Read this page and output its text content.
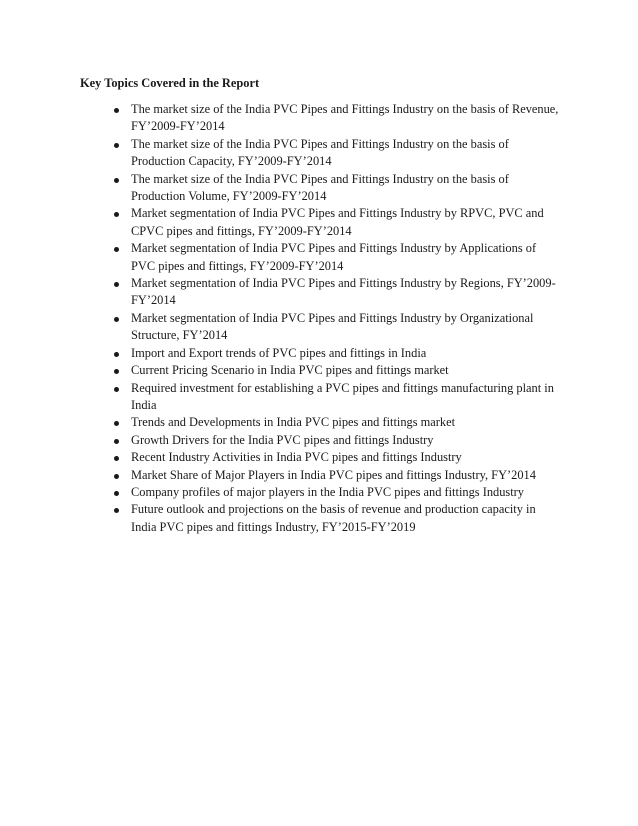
Key Topics Covered in the Report
The market size of the India PVC Pipes and Fittings Industry on the basis of Revenue, FY’2009-FY’2014
The market size of the India PVC Pipes and Fittings Industry on the basis of Production Capacity, FY’2009-FY’2014
The market size of the India PVC Pipes and Fittings Industry on the basis of Production Volume, FY’2009-FY’2014
Market segmentation of India PVC Pipes and Fittings Industry by RPVC, PVC and CPVC pipes and fittings, FY’2009-FY’2014
Market segmentation of India PVC Pipes and Fittings Industry by Applications of PVC pipes and fittings, FY’2009-FY’2014
Market segmentation of India PVC Pipes and Fittings Industry by Regions, FY’2009-FY’2014
Market segmentation of India PVC Pipes and Fittings Industry by Organizational Structure, FY’2014
Import and Export trends of PVC pipes and fittings in India
Current Pricing Scenario in India PVC pipes and fittings market
Required investment for establishing a PVC pipes and fittings manufacturing plant in India
Trends and Developments in India PVC pipes and fittings market
Growth Drivers for the India PVC pipes and fittings Industry
Recent Industry Activities in India PVC pipes and fittings Industry
Market Share of Major Players in India PVC pipes and fittings Industry, FY’2014
Company profiles of major players in the India PVC pipes and fittings Industry
Future outlook and projections on the basis of revenue and production capacity in India PVC pipes and fittings Industry, FY’2015-FY’2019
